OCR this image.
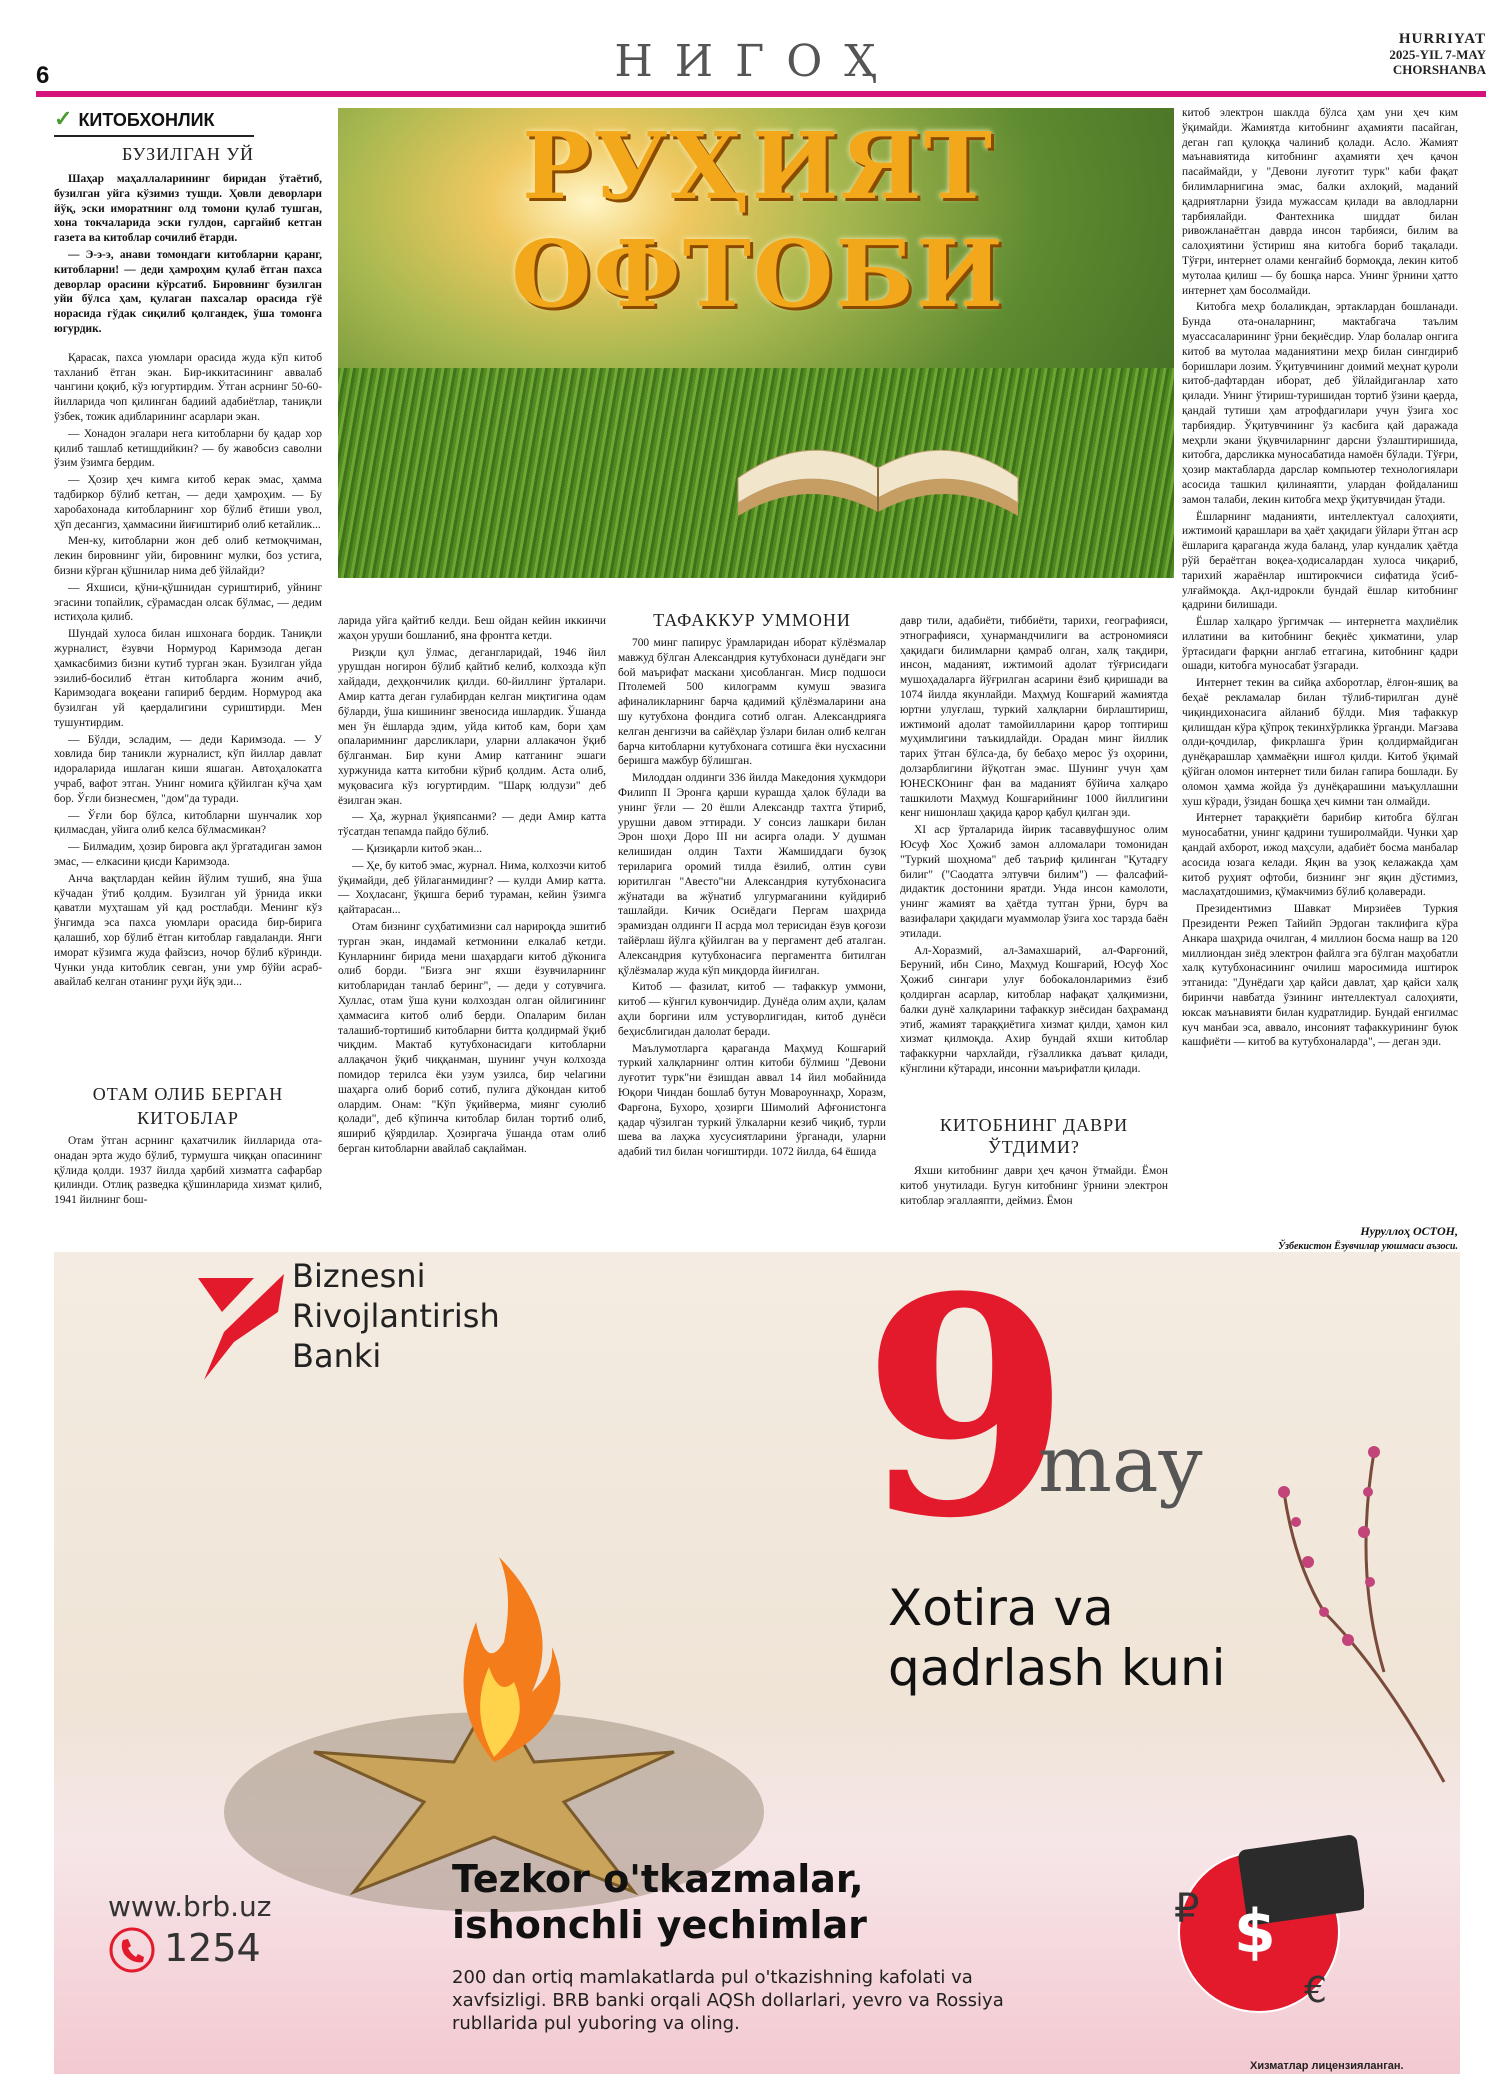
6	НИГОҲ	HURRIYAT
2025-YIL 7-MAY
CHORSHANBA
✓ КИТОБХОНЛИК	РУҲИЯТ ОФТОБИ
БУЗИЛГАН УЙ

Шаҳар маҳаллаларининг биридан ўтаётиб, бузилган уйга кўзимиз тушди. Ҳовли деворлари йўқ, эски иморатнинг олд томони қулаб тушган, хона токчаларида эски гулдон, саргайиб кетган газета ва китоблар сочилиб ётарди.

— Э-э-э, анави томондаги китобларни қаранг, китобларни! — деди ҳамроҳим қулаб ётган пахса деворлар орасини кўрсатиб. Бировнинг бузилган уйи бўлса ҳам, қулаган пахсалар орасида гўё норасида гўдак сиқилиб қолгандек, ўша томонга югурдик.

Қарасак, пахса уюмлари орасида жуда кўп китоб тахланиб ётган экан. Бир-иккитасининг аввалаб чангини қоқиб, кўз югуртирдим. Ўтган асрнинг 50-60-йилларида чоп қилинган бадиий адабиётлар, таниқли ўзбек, тожик адибларининг асарлари экан.

— Хонадон эгалари нега китобларни бу қадар хор қилиб ташлаб кетишдийкин? — бу жавобсиз саволни ўзим ўзимга бердим.

— Ҳозир ҳеч кимга китоб керак эмас, ҳамма тадбиркор бўлиб кетган, — деди ҳамроҳим. — Бу харобахонада китобларнинг хор бўлиб ётиши увол, ҳўп десангиз, ҳаммасини йиғиштириб олиб кетайлик...

Мен-ку, китобларни жон деб олиб кетмоқчиман, лекин бировнинг уйи, бировнинг мулки, боз устига, бизни кўрган қўшнилар нима деб ўйлайди?

— Яхшиси, қўни-қўшнидан суриштириб, уйнинг эгасини топайлик, сўрамасдан олсак бўлмас, — дедим истиҳола қилиб.

Шундай хулоса билан ишхонага бордик. Таниқли журналист, ёзувчи Нормурод Каримзода деган ҳамкасбимиз бизни кутиб турган экан. Бузилган уйда эзилиб-босилиб ётган китобларга жоним ачиб, Каримзодага воқеани гапириб бердим. Нормурод ака бузилган уй қаердалигини суриштирди. Мен тушунтирдим.

— Бўлди, эсладим, — деди Каримзода. — У ховлида бир таникли журналист, кўп йиллар давлат идораларида ишлаган киши яшаган. Автоҳалокатга учраб, вафот этган. Унинг номига қўйилган кўча ҳам бор. Ўғли бизнесмен, "дом"да туради.

— Ўғли бор бўлса, китобларни шунчалик хор қилмасдан, уйига олиб келса бўлмасмикан?

— Билмадим, ҳозир бировга ақл ўргатадиган замон эмас, — елкасини қисди Каримзода.

Анча вақтлардан кейин йўлим тушиб, яна ўша кўчадан ўтиб қолдим. Бузилган уй ўрнида икки қаватли муҳташам уй қад ростлабди. Менинг кўз ўнгимда эса пахса уюмлари орасида бир-бирига қалашиб, хор бўлиб ётган китоблар гавдаланди. Янги иморат кўзимга жуда файзсиз, ночор бўлиб кўринди. Чунки унда китоблик севган, уни умр бўйи асраб-авайлаб келган отанинг руҳи йўқ эди...

ОТАМ ОЛИБ БЕРГАН КИТОБЛАР

Отам ўтган асрнинг қахатчилик йилларида ота-онадан эрта жудо бўлиб, турмушга чиққан опасининг қўлида қолди. 1937 йилда ҳарбий хизматга сафарбар қилинди. Отлиқ разведка қўшинларида хизмат қилиб, 1941 йилнинг бош-

ларида уйга қайтиб келди. Беш ойдан кейин иккинчи жаҳон уруши бошланиб, яна фронтга кетди.

Ризқли қул ўлмас, дегангларидай, 1946 йил урушдан ногирон бўлиб қайтиб келиб, колхозда кўп хайдади, деҳқончилик қилди. 60-йиллинг ўрталари. Амир катта деган гулабирдан келган миқтигина одам бўларди, ўша кишининг звеносида ишлардик. Ўшанда мен ўн ёшларда эдим, уйда китоб кам, бори ҳам опаларимнинг дарсликлари, уларни аллакачон ўқиб бўлганман. Бир куни Амир катганинг эшаги хуржунида катта китобни кўриб қолдим. Аста олиб, муқовасига кўз югуртирдим. "Шарқ юлдузи" деб ёзилган экан.

— Ҳа, журнал ўқияпсанми? — деди Амир катта тўсатдан тепамда пайдо бўлиб.

— Қизиқарли китоб экан...

— Ҳе, бу китоб эмас, журнал. Нима, колхозчи китоб ўқимайди, деб ўйлаганмидинг? — кулди Амир катта. — Хоҳласанг, ўқишга бериб тураман, кейин ўзимга қайтарасан...

Отам бизнинг суҳбатимизни сал нарироқда эшитиб турган экан, индамай кетмонини елкалаб кетди. Кунларнинг бирида мени шаҳардаги китоб дўконига олиб борди. "Бизга энг яхши ёзувчиларнинг китобларидан танлаб беринг", — деди у сотувчига. Хуллас, отам ўша куни колхоздан олган ойлигининг ҳаммасига китоб олиб берди. Опаларим билан талашиб-тортишиб китобларни битта қолдирмай ўқиб чиқдим. Мактаб кутубхонасидаги китобларни аллақачон ўқиб чиққанман, шунинг учун колхозда помидор терилса ёки узум узилса, бир чеlагини шаҳарга олиб бориб сотиб, пулига дўкондан китоб олардим. Онам: "Кўп ўқийверма, миянг суюлиб қолади", деб кўпинча китоблар билан тортиб олиб, яшириб қўярдилар. Ҳозиргача ўшанда отам олиб берган китобларни авайлаб сақлайман.

ТАФАККУР УММОНИ

700 минг папирус ўрамларидан иборат кўлёзмалар мавжуд бўлган Александрия кутубхонаси дунёдаги энг бой маърифат маскани ҳисобланган. Миср подшоси Птолемей 500 килограмм кумуш эвазига афиналикларнинг барча қадимий қўлёзмаларини ана шу кутубхона фондига сотиб олган. Александрияга келган денгизчи ва сайёҳлар ўзлари билан олиб келган барча китобларни кутубхонага сотишга ёки нусхасини беришга мажбур бўлишган.

Милоддан олдинги 336 йилда Македония ҳукмдори Филипп II Эронга қарши курашда ҳалок бўлади ва унинг ўғли — 20 ёшли Александр таxтга ўтириб, урушни давом эттиради. У сонсиз лашкари билан Эрон шоҳи Доро III ни асирга олади. У душман келишидан олдин Тахти Жамшиддаги бузоқ териларига оромий тилда ёзилиб, олтин суви юритилган "Авесто"ни Александрия кутубхонасига жўнатади ва жўнатиб улгурмаганини куйдириб ташлайди. Кичик Осиёдаги Пергам шаҳрида эрамиздан олдинги II асрда мол терисидан ёзув қоғози тайёрлаш йўлга қўйилган ва у пергамент деб аталган. Александрия кутубхонасига пергаментга битилган қўлёзмалар жуда кўп миқдорда йиғилган.

Китоб — фазилат, китоб — тафаккур уммони, китоб — кўнгил кувончидир. Дунёда олим аҳли, қалам аҳли боргини илм устуворлигидан, китоб дунёси беҳисблигидан далолат беради.

Маълумотларга қараганда Маҳмуд Кошғарий туркий халқларнинг олтин китоби бўлмиш "Девони луғотит турк"ни ёзишдан аввал 14 йил мобайнида Юқори Чиндан бошлаб бутун Мовароуннаҳр, Хоразм, Фарғона, Бухоро, ҳозирги Шимолий Афғонистонга қадар чўзилган туркий ўлкаларни кезиб чиқиб, турли шева ва лаҳжа хусусиятларини ўрганади, уларни адабий тил билан чоғиштирди. 1072 йилда, 64 ёшида

давр тили, адабиёти, тиббиёти, тарихи, географияси, этнографияси, ҳунармандчилиги ва астрономияси ҳақидаги билимларни қамраб олган, халқ тақдири, инсон, маданият, ижтимоий адолат тўғрисидаги мушоҳадаларга йўғрилган асарини ёзиб қиришади ва 1074 йилда якунлайди. Маҳмуд Кошғарий жамиятда юртни улуғлаш, туркий халқларни бирлаштириш, ижтимоий адолат тамойилларини қарор топтириш муҳимлигини таъкидлайди. Орадан минг йиллик тарих ўтган бўлса-да, бу бебаҳо мерос ўз оҳорини, долзарблигини йўқотган эмас. Шунинг учун ҳам ЮНЕСКОнинг фан ва маданият бўйича халқаро ташкилоти Маҳмуд Кошғарийнинг 1000 йиллигини кенг нишонлаш ҳақида қарор қабул қилган эди.

XI аср ўрталарида йирик тасаввуфшунос олим Юсуф Хос Ҳожиб замон алломалари томонидан "Туркий шоҳнома" деб таъриф қилинган "Қутадғу билиг" ("Саодатга элтувчи билим") — фалсафий-дидактик достонини яратди. Унда инсон камолоти, унинг жамият ва ҳаётда тутган ўрни, бурч ва вазифалари ҳақидаги муаммолар ўзига хос тарзда баён этилади.

Ал-Хоразмий, ал-Замахшарий, ал-Фарғоний, Беруний, ибн Сино, Маҳмуд Кошғарий, Юсуф Хос Ҳожиб сингари улуғ бобокалонларимиз ёзиб қолдирган асарлар, китоблар нафақат ҳалқимизни, балки дунё халқларини тафаккур зиёсидан баҳраманд этиб, жамият тараққиётига хизмат қилди, ҳамон кил хизмат қилмоқда. Ахир бундай яхши китоблар тафаккурни чархлайди, гўзалликка даъват қилади, кўнглини кўтаради, инсонни маърифатли қилади.

КИТОБНИНГ ДАВРИ ЎТДИМИ?

Яхши китобнинг даври ҳеч қачон ўтмайди. Ёмон китоб унутилади. Бугун китобнинг ўрнини электрон китоблар эгаллаяпти, деймиз. Ёмон

китоб электрон шаклда бўлса ҳам уни ҳеч ким ўқимайди. Жамиятда китобнинг аҳамияти пасайган, деган гап қулоққа чалиниб қолади. Асло. Жамият маънавиятида китобнинг аҳамияти ҳеч қачон пасаймайди, у "Девони луғотит турк" каби фақат билимларнигина эмас, балки ахлоқий, маданий қадриятларни ўзида мужассам қилади ва авлодларни тарбиялайди. Фантехника шиддат билан ривожланаётган даврда инсон тарбияси, билим ва салоҳиятини ўстириш яна китобга бориб тақалади. Тўғри, интернет олами кенгайиб бормоқда, лекин китоб мутолаа қилиш — бу бошқа нарса. Унинг ўрнини ҳатто интернет ҳам босолмайди.

Китобга меҳр болаликдан, эртаклардан бошланади. Бунда ота-оналарнинг, мактабгача таълим муассасаларининг ўрни беқиёсдир. Улар болалар онгига китоб ва мутолаа маданиятини меҳр билан сингдириб боришлари лозим. Ўқитувчининг доимий меҳнат қуроли китоб-дафтардан иборат, деб ўйлайдиганлар хато қилади. Унинг ўтириш-туришидан тортиб ўзини қаерда, қандай тутиши ҳам атрофдагилари учун ўзига хос тарбиядир. Ўқитувчининг ўз касбига қай даражада меҳрли экани ўқувчиларнинг дарсни ўзлаштиришида, китобга, дарсликка муносабатида намоён бўлади. Тўғри, ҳозир мактабларда дарслар компьютер технологиялари асосида ташкил қилинаяпти, улардан фойдаланиш замон талаби, лекин китобга меҳр ўқитувчидан ўтади.

Ёшларнинг маданияти, интеллектуал салоҳияти, ижтимоий қарашлари ва ҳаёт ҳақидаги ўйлари ўтган аср ёшларига қараганда жуда баланд, улар кундалик ҳаётда рўй бераётган воқеа-ҳодисалардан хулоса чиқариб, тарихий жараёнлар иштирокчиси сифатида ўсиб-улғаймоқда. Ақл-идрокли бундай ёшлар китобнинг қадрини билишади.

Ёшлар халқаро ўргимчак — интернетга маҳлиёлик иллатини ва китобнинг беқиёс ҳикматини, улар ўртасидаги фарқни англаб етгагина, китобнинг қадри ошади, китобга муносабат ўзгаради.

Интернет текин ва сийқа ахборотлар, ёлғон-яшиқ ва беҳаё рекламалар билан тўлиб-тирилган дунё чиқиндихонасига айланиб бўлди. Мия тафаккур қилишдан кўра қўпроқ текинхўрликка ўрганди. Мағзава олди-қочдилар, фикрлашга ўрин қолдирмайдиган дунёқарашлар ҳаммаёқни ишғол қилди. Китоб ўқимай қўйган оломон интернет тили билан гапира бошлади. Бу оломон ҳамма жойда ўз дунёқарашини маъқуллашни хуш кўради, ўзидан бошқа ҳеч кимни тан олмайди.

Интернет тараққиёти барибир китобга бўлган муносабатни, унинг қадрини туширолмайди. Чунки ҳар қандай ахборот, ижод маҳсули, адабиёт босма манбалар асосида юзага келади. Яқин ва узоқ келажакда ҳам китоб руҳият офтоби, бизнинг энг яқин дўстимиз, маслаҳатдошимиз, қўмакчимиз бўлиб қолаверади.

Президентимиз Шавкат Мирзиёев Туркия Президенти Режеп Тайийп Эрдоган таклифига кўра Анкара шаҳрида очилган, 4 миллион босма нашр ва 120 миллиондан зиёд электрон файлга эга бўлган маҳобатли халқ кутубхонасининг очилиш маросимида иштирок этганида: "Дунёдаги ҳар қайси давлат, ҳар қайси халқ биринчи навбатда ўзининг интеллектуал салоҳияти, юксак маънавияти билан кудратлидир. Бундай енгилмас куч манбаи эса, аввало, инсоният тафаккурининг буюк кашфиёти — китоб ва кутубхоналарда", — деган эди.

Нуруллоҳ ОСТОН,
Ўзбекистон Ёзувчилар уюшмаси аъзоси.
$
₽
€
Biznesni
Rivojlantirish
Banki	9
may
Xotira va
qadrlash kuni
www.brb.uz
1254
Tezkor o'tkazmalar,
ishonchli yechimlar
200 dan ortiq mamlakatlarda pul o'tkazishning kafolati va xavfsizligi. BRB banki orqali AQSh dollarlari, yevro va Rossiya rubllarida pul yuboring va oling.
Хизматлар лицензияланган.
